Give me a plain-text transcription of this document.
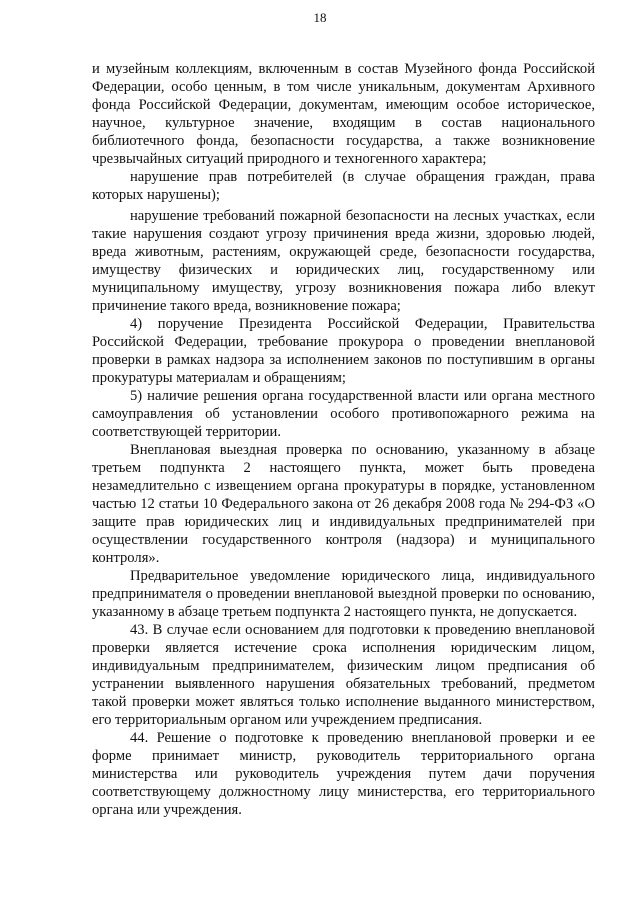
18

и музейным коллекциям, включенным в состав Музейного фонда Российской Федерации, особо ценным, в том числе уникальным, документам Архивного фонда Российской Федерации, документам, имеющим особое историческое, научное, культурное значение, входящим в состав национального библиотечного фонда, безопасности государства, а также возникновение чрезвычайных ситуаций природного и техногенного характера;

нарушение прав потребителей (в случае обращения граждан, права которых нарушены);

нарушение требований пожарной безопасности на лесных участках, если такие нарушения создают угрозу причинения вреда жизни, здоровью людей, вреда животным, растениям, окружающей среде, безопасности государства, имуществу физических и юридических лиц, государственному или муниципальному имуществу, угрозу возникновения пожара либо влекут причинение такого вреда, возникновение пожара;

4) поручение Президента Российской Федерации, Правительства Российской Федерации, требование прокурора о проведении внеплановой проверки в рамках надзора за исполнением законов по поступившим в органы прокуратуры материалам и обращениям;

5) наличие решения органа государственной власти или органа местного самоуправления об установлении особого противопожарного режима на соответствующей территории.

Внеплановая выездная проверка по основанию, указанному в абзаце третьем подпункта 2 настоящего пункта, может быть проведена незамедлительно с извещением органа прокуратуры в порядке, установленном частью 12 статьи 10 Федерального закона от 26 декабря 2008 года № 294-ФЗ «О защите прав юридических лиц и индивидуальных предпринимателей при осуществлении государственного контроля (надзора) и муниципального контроля».

Предварительное уведомление юридического лица, индивидуального предпринимателя о проведении внеплановой выездной проверки по основанию, указанному в абзаце третьем подпункта 2 настоящего пункта, не допускается.

43. В случае если основанием для подготовки к проведению внеплановой проверки является истечение срока исполнения юридическим лицом, индивидуальным предпринимателем, физическим лицом предписания об устранении выявленного нарушения обязательных требований, предметом такой проверки может являться только исполнение выданного министерством, его территориальным органом или учреждением предписания.

44. Решение о подготовке к проведению внеплановой проверки и ее форме принимает министр, руководитель территориального органа министерства или руководитель учреждения путем дачи поручения соответствующему должностному лицу министерства, его территориального органа или учреждения.
